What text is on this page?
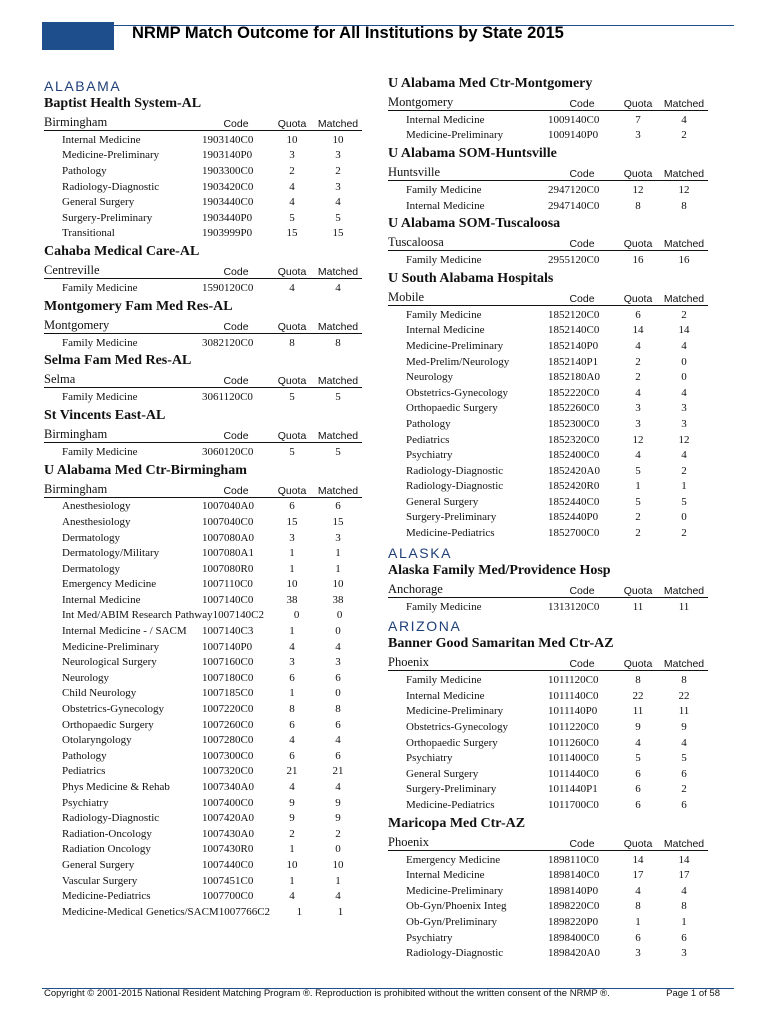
NRMP Match Outcome for All Institutions by State 2015
ALABAMA
Baptist Health System-AL
Birmingham	Code	Quota	Matched
Internal Medicine	1903140C0	10	10
Medicine-Preliminary	1903140P0	3	3
Pathology	1903300C0	2	2
Radiology-Diagnostic	1903420C0	4	3
General Surgery	1903440C0	4	4
Surgery-Preliminary	1903440P0	5	5
Transitional	1903999P0	15	15
Cahaba Medical Care-AL
Centreville	Code	Quota	Matched
Family Medicine	1590120C0	4	4
Montgomery Fam Med Res-AL
Montgomery	Code	Quota	Matched
Family Medicine	3082120C0	8	8
Selma Fam Med Res-AL
Selma	Code	Quota	Matched
Family Medicine	3061120C0	5	5
St Vincents East-AL
Birmingham	Code	Quota	Matched
Family Medicine	3060120C0	5	5
U Alabama Med Ctr-Birmingham
Birmingham	Code	Quota	Matched
Anesthesiology	1007040A0	6	6
Anesthesiology	1007040C0	15	15
Dermatology	1007080A0	3	3
Dermatology/Military	1007080A1	1	1
Dermatology	1007080R0	1	1
Emergency Medicine	1007110C0	10	10
Internal Medicine	1007140C0	38	38
Int Med/ABIM Research Pathway 1007140C2	0	0
Internal Medicine - / SACM	1007140C3	1	0
Medicine-Preliminary	1007140P0	4	4
Neurological Surgery	1007160C0	3	3
Neurology	1007180C0	6	6
Child Neurology	1007185C0	1	0
Obstetrics-Gynecology	1007220C0	8	8
Orthopaedic Surgery	1007260C0	6	6
Otolaryngology	1007280C0	4	4
Pathology	1007300C0	6	6
Pediatrics	1007320C0	21	21
Phys Medicine & Rehab	1007340A0	4	4
Psychiatry	1007400C0	9	9
Radiology-Diagnostic	1007420A0	9	9
Radiation-Oncology	1007430A0	2	2
Radiation Oncology	1007430R0	1	0
General Surgery	1007440C0	10	10
Vascular Surgery	1007451C0	1	1
Medicine-Pediatrics	1007700C0	4	4
Medicine-Medical Genetics/SACM 1007766C2	1	1
U Alabama Med Ctr-Montgomery
Montgomery	Code	Quota	Matched
Internal Medicine	1009140C0	7	4
Medicine-Preliminary	1009140P0	3	2
U Alabama SOM-Huntsville
Huntsville	Code	Quota	Matched
Family Medicine	2947120C0	12	12
Internal Medicine	2947140C0	8	8
U Alabama SOM-Tuscaloosa
Tuscaloosa	Code	Quota	Matched
Family Medicine	2955120C0	16	16
U South Alabama Hospitals
Mobile	Code	Quota	Matched
Family Medicine	1852120C0	6	2
Internal Medicine	1852140C0	14	14
Medicine-Preliminary	1852140P0	4	4
Med-Prelim/Neurology	1852140P1	2	0
Neurology	1852180A0	2	0
Obstetrics-Gynecology	1852220C0	4	4
Orthopaedic Surgery	1852260C0	3	3
Pathology	1852300C0	3	3
Pediatrics	1852320C0	12	12
Psychiatry	1852400C0	4	4
Radiology-Diagnostic	1852420A0	5	2
Radiology-Diagnostic	1852420R0	1	1
General Surgery	1852440C0	5	5
Surgery-Preliminary	1852440P0	2	0
Medicine-Pediatrics	1852700C0	2	2
ALASKA
Alaska Family Med/Providence Hosp
Anchorage	Code	Quota	Matched
Family Medicine	1313120C0	11	11
ARIZONA
Banner Good Samaritan Med Ctr-AZ
Phoenix	Code	Quota	Matched
Family Medicine	1011120C0	8	8
Internal Medicine	1011140C0	22	22
Medicine-Preliminary	1011140P0	11	11
Obstetrics-Gynecology	1011220C0	9	9
Orthopaedic Surgery	1011260C0	4	4
Psychiatry	1011400C0	5	5
General Surgery	1011440C0	6	6
Surgery-Preliminary	1011440P1	6	2
Medicine-Pediatrics	1011700C0	6	6
Maricopa Med Ctr-AZ
Phoenix	Code	Quota	Matched
Emergency Medicine	1898110C0	14	14
Internal Medicine	1898140C0	17	17
Medicine-Preliminary	1898140P0	4	4
Ob-Gyn/Phoenix Integ	1898220C0	8	8
Ob-Gyn/Preliminary	1898220P0	1	1
Psychiatry	1898400C0	6	6
Radiology-Diagnostic	1898420A0	3	3
Copyright © 2001-2015 National Resident Matching Program ®. Reproduction is prohibited without the written consent of the NRMP ®.	Page 1 of 58
